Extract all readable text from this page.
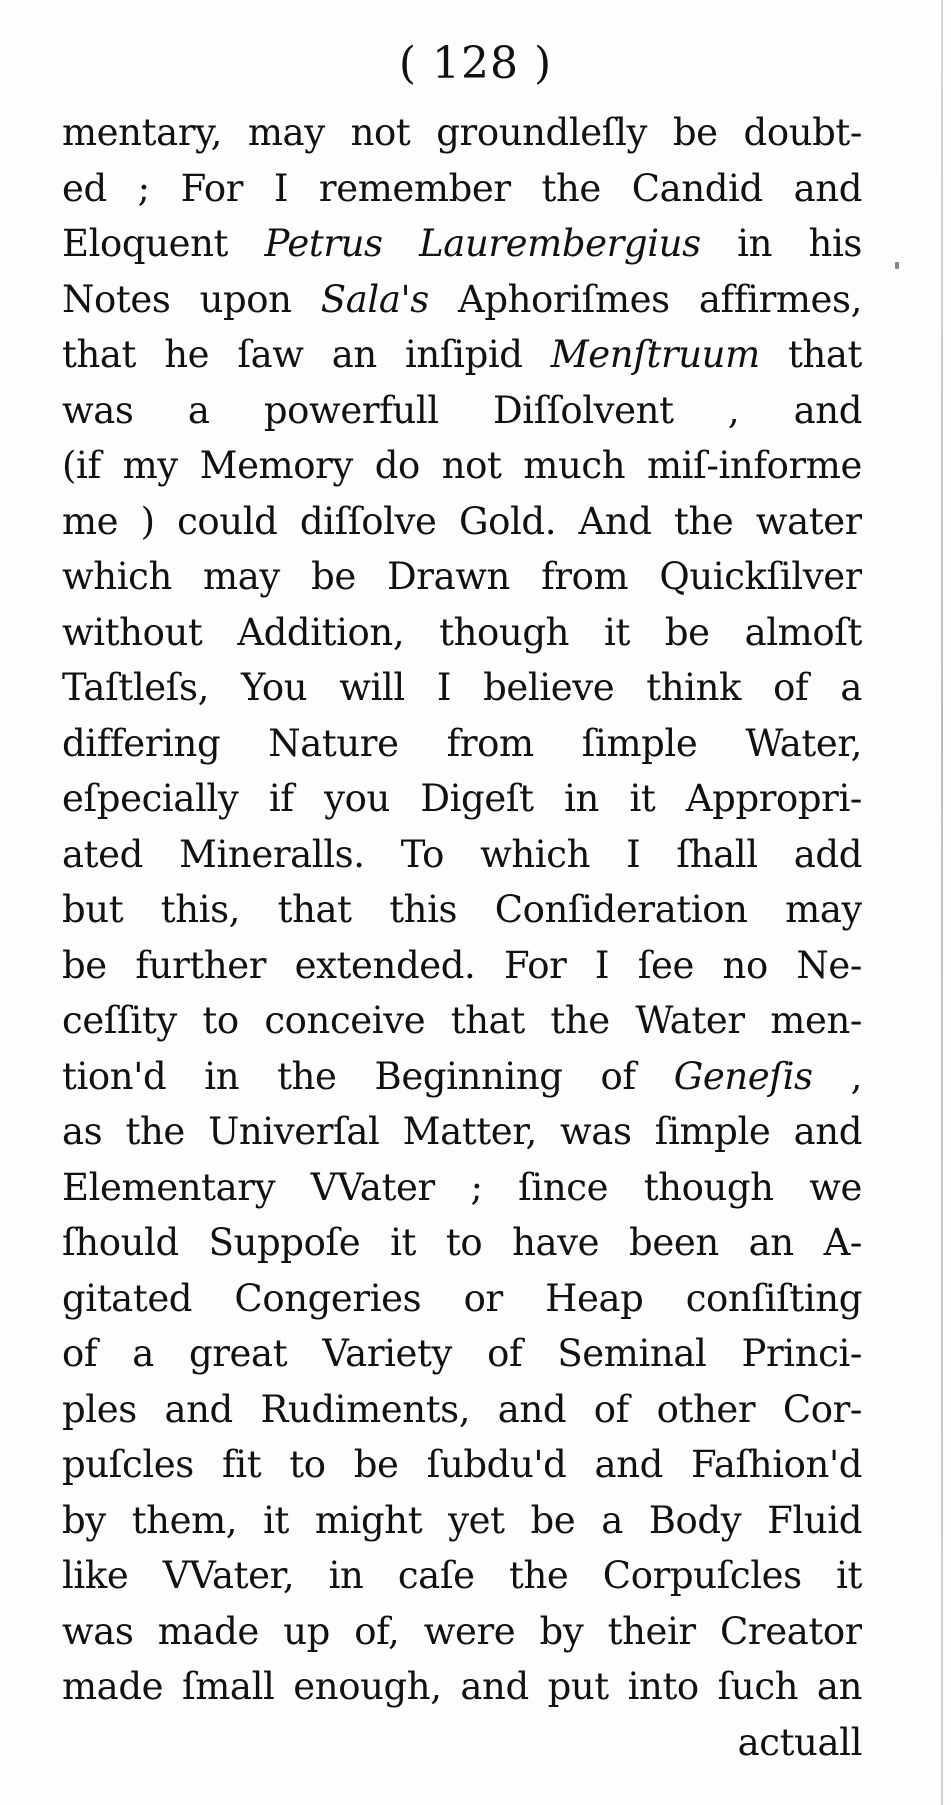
( 128 )
mentary, may not groundleſly be doubt-
ed ; For I remember the Candid and
Eloquent Petrus Laurembergius in his
Notes upon Sala's Aphoriſmes affirmes,
that he ſaw an inſipid Menſtruum that
was a powerfull Diſſolvent , and
(if my Memory do not much miſ-informe
me ) could diſſolve Gold. And the water
which may be Drawn from Quickſilver
without Addition, though it be almoſt
Taſtleſs, You will I believe think of a
differing Nature from ſimple Water,
eſpecially if you Digeſt in it Appropri-
ated Mineralls. To which I ſhall add
but this, that this Conſideration may
be further extended. For I ſee no Ne-
ceſſity to conceive that the Water men-
tion'd in the Beginning of Geneſis ,
as the Univerſal Matter, was ſimple and
Elementary VVater ; ſince though we
ſhould Suppoſe it to have been an A-
gitated Congeries or Heap conſiſting
of a great Variety of Seminal Princi-
ples and Rudiments, and of other Cor-
puſcles fit to be ſubdu'd and Faſhion'd
by them, it might yet be a Body Fluid
like VVater, in caſe the Corpuſcles it
was made up of, were by their Creator
made ſmall enough, and put into ſuch an
actuall
